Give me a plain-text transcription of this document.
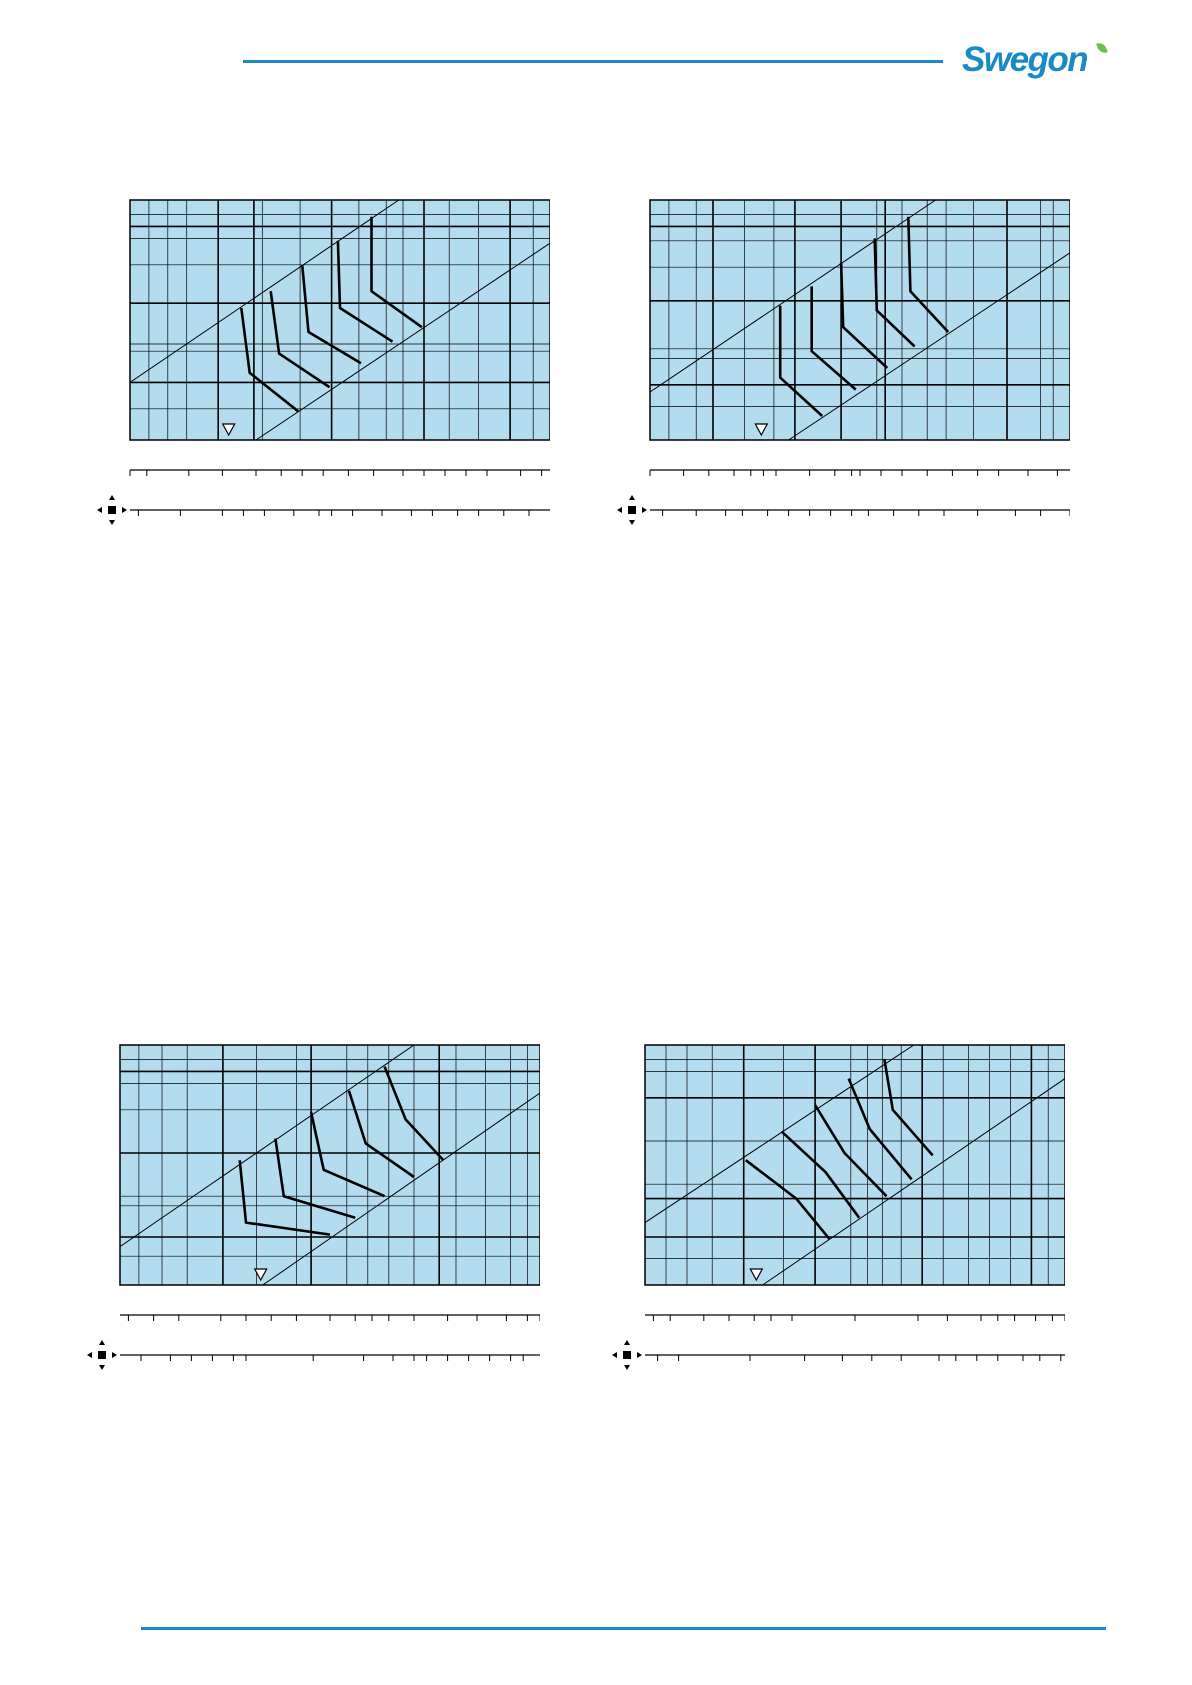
Swegon
